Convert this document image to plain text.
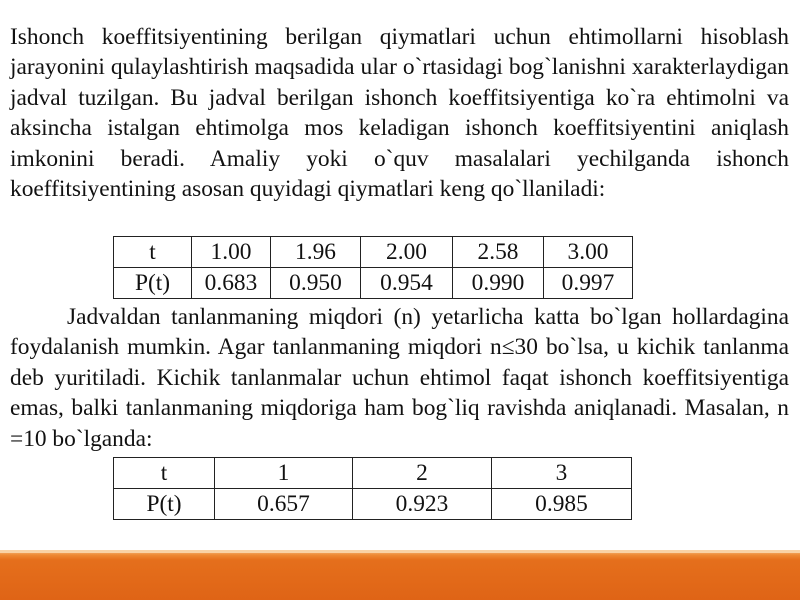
Ishonch koeffitsiyentining berilgan qiymatlari uchun ehtimollarni hisoblash jarayonini qulaylashtirish maqsadida ular o`rtasidagi bog`lanishni xarakterlaydigan jadval tuzilgan. Bu jadval berilgan ishonch koeffitsiyentiga ko`ra ehtimolni va aksincha istalgan ehtimolga mos keladigan ishonch koeffitsiyentini aniqlash imkonini beradi. Amaliy yoki o`quv masalalari yechilganda ishonch koeffitsiyentining asosan quyidagi qiymatlari keng qo`llaniladi:

t	1.00	1.96	2.00	2.58	3.00
P(t)	0.683	0.950	0.954	0.990	0.997

Jadvaldan tanlanmaning miqdori (n) yetarlicha katta bo`lgan hollardagina foydalanish mumkin. Agar tanlanmaning miqdori n≤30 bo`lsa, u kichik tanlanma deb yuritiladi. Kichik tanlanmalar uchun ehtimol faqat ishonch koeffitsiyentiga emas, balki tanlanmaning miqdoriga ham bog`liq ravishda aniqlanadi. Masalan, n =10 bo`lganda:

t	1	2	3
P(t)	0.657	0.923	0.985
